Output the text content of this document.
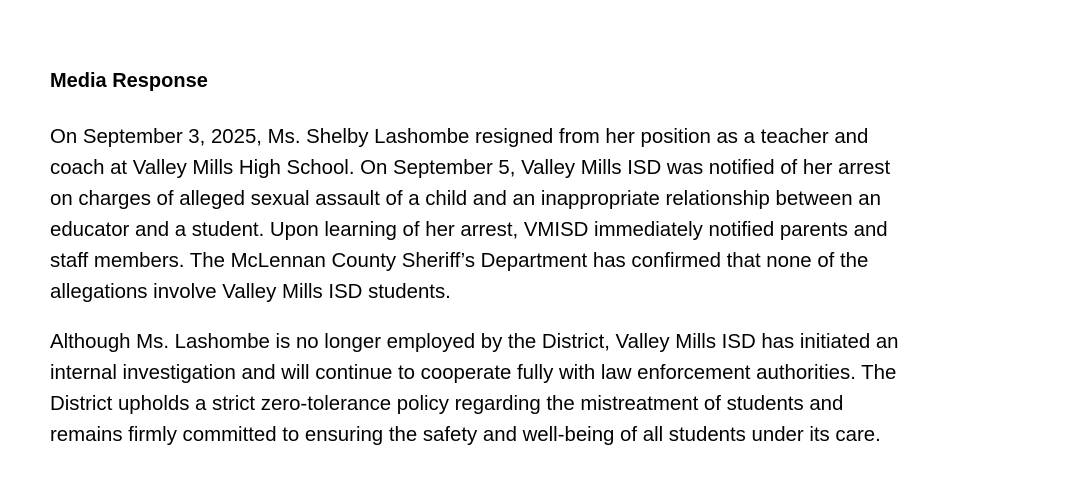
Media Response
On September 3, 2025, Ms. Shelby Lashombe resigned from her position as a teacher and
coach at Valley Mills High School. On September 5, Valley Mills ISD was notified of her arrest
on charges of alleged sexual assault of a child and an inappropriate relationship between an
educator and a student. Upon learning of her arrest, VMISD immediately notified parents and
staff members. The McLennan County Sheriff’s Department has confirmed that none of the
allegations involve Valley Mills ISD students.
Although Ms. Lashombe is no longer employed by the District, Valley Mills ISD has initiated an
internal investigation and will continue to cooperate fully with law enforcement authorities. The
District upholds a strict zero-tolerance policy regarding the mistreatment of students and
remains firmly committed to ensuring the safety and well-being of all students under its care.
